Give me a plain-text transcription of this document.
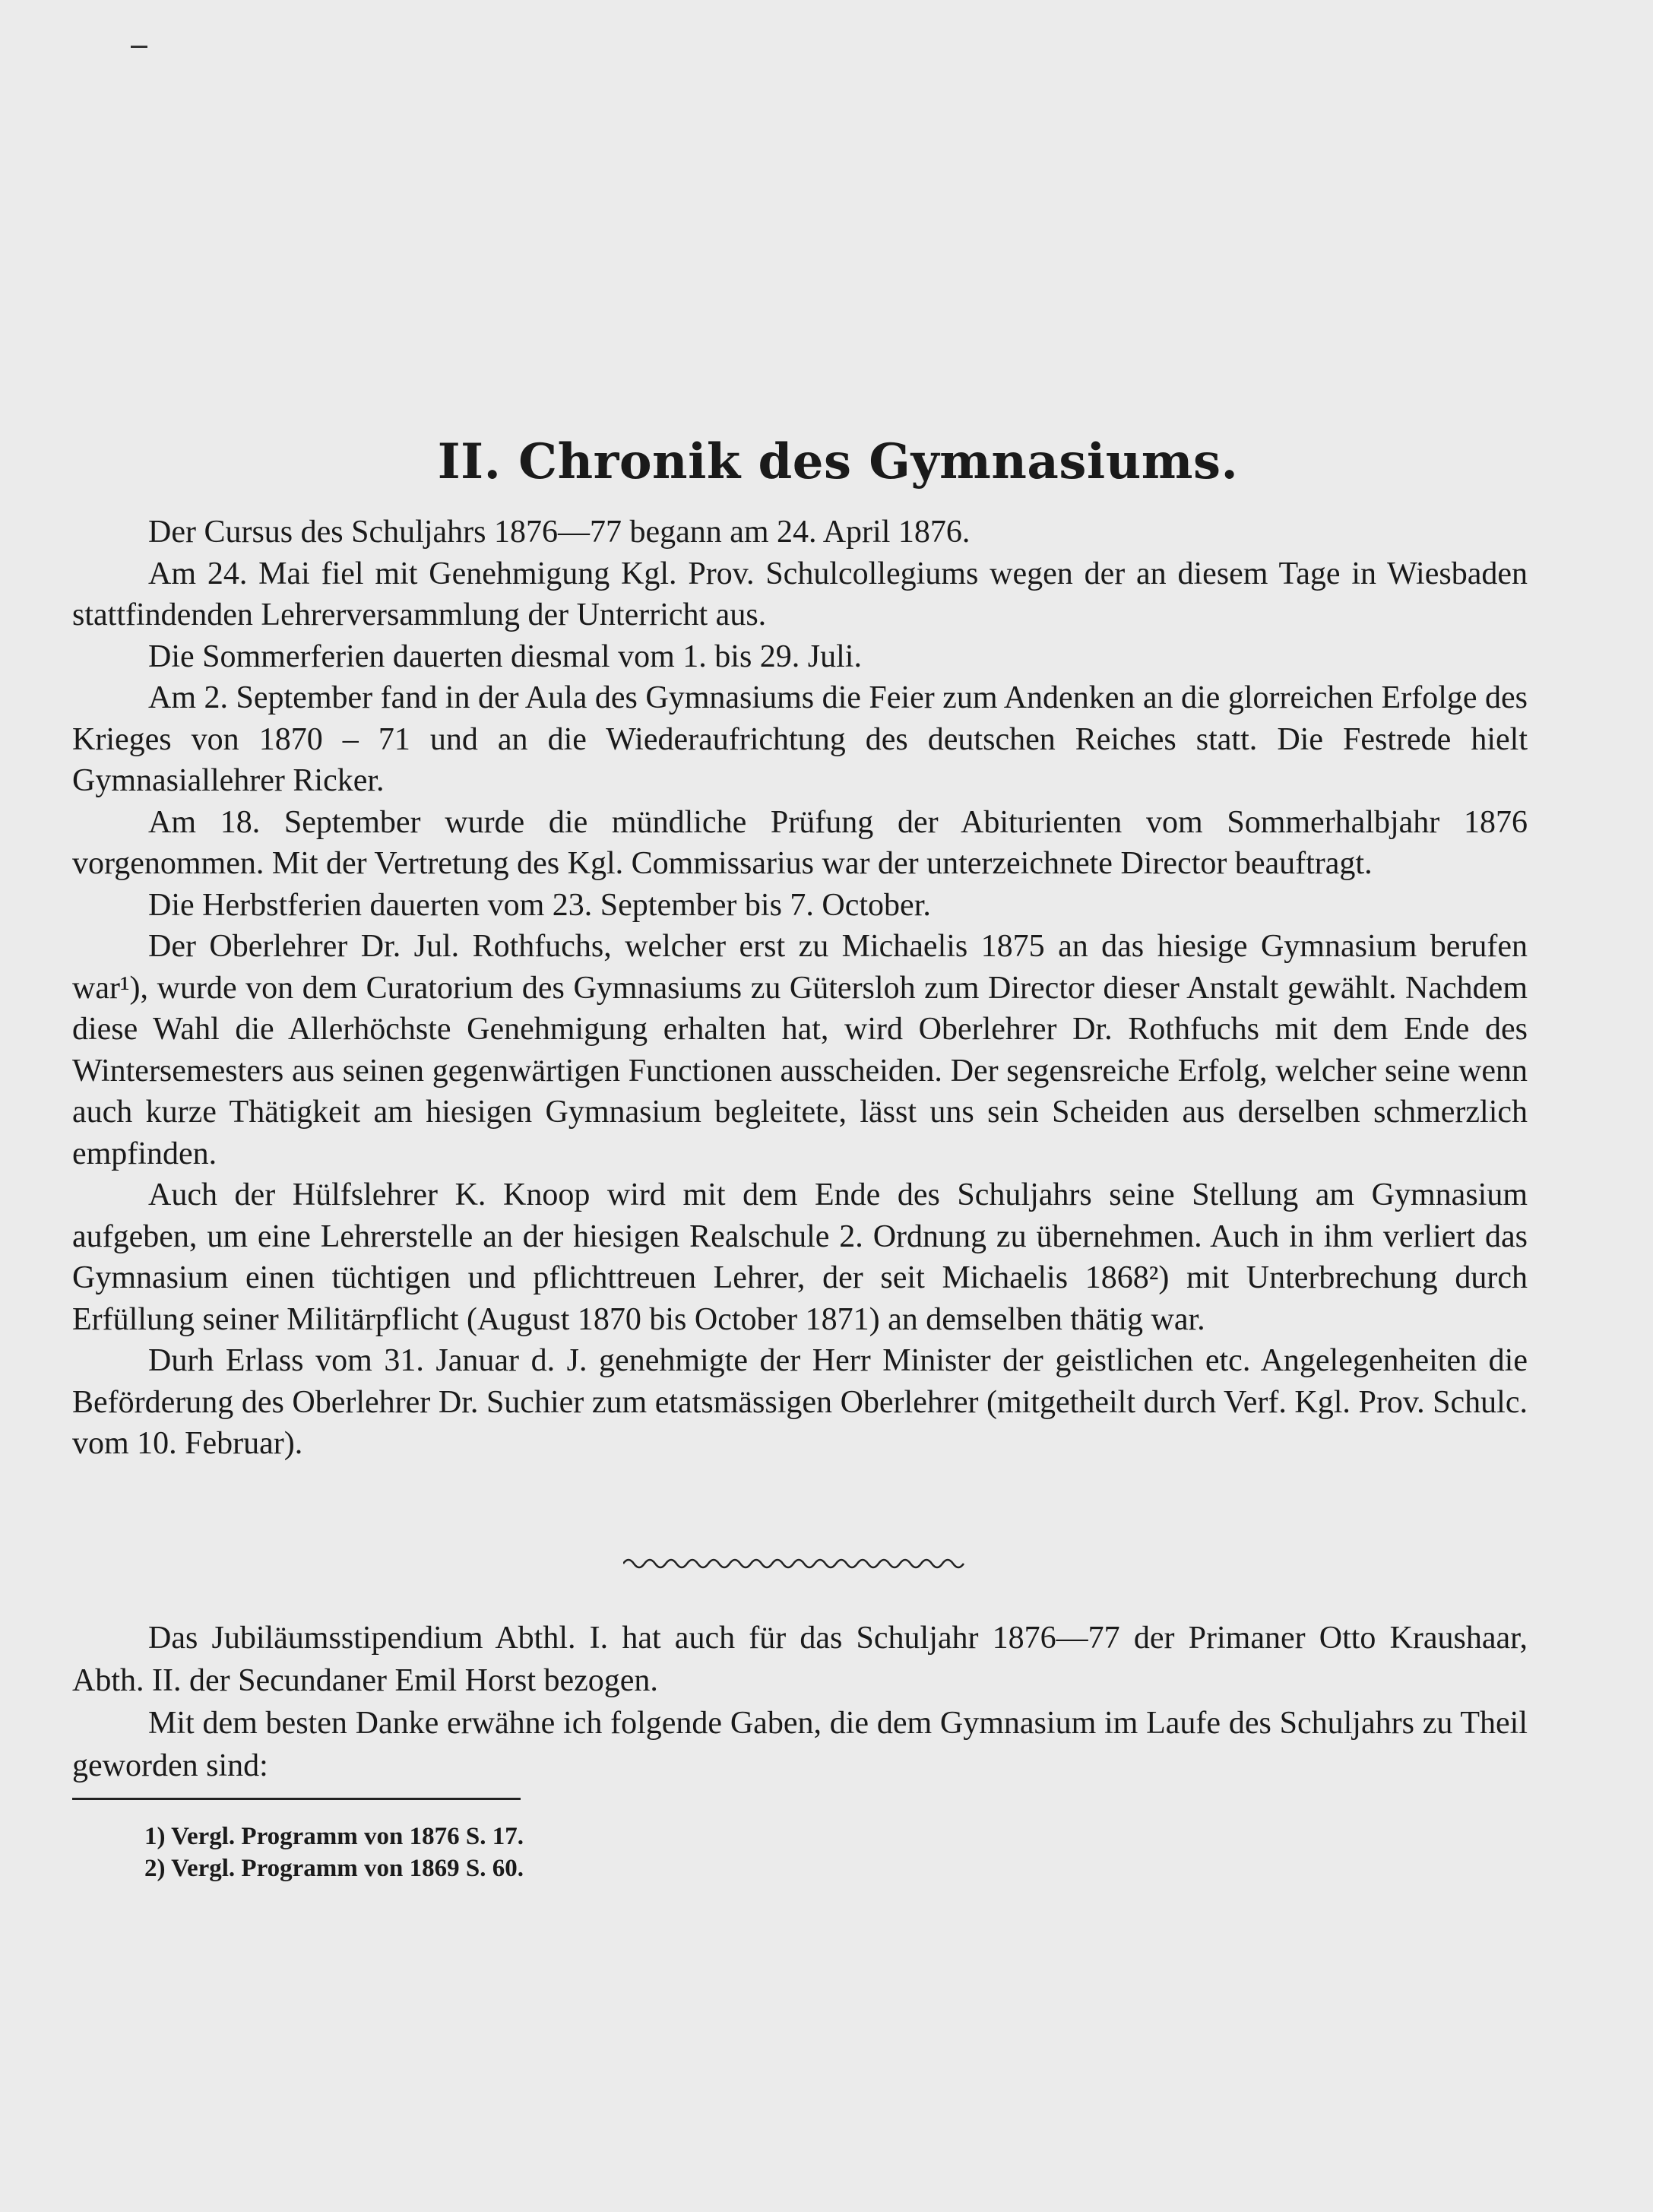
II. Chronik des Gymnasiums.

Der Cursus des Schuljahrs 1876—77 begann am 24. April 1876.

Am 24. Mai fiel mit Genehmigung Kgl. Prov. Schulcollegiums wegen der an diesem Tage in Wiesbaden stattfindenden Lehrerversammlung der Unterricht aus.

Die Sommerferien dauerten diesmal vom 1. bis 29. Juli.

Am 2. September fand in der Aula des Gymnasiums die Feier zum Andenken an die glorreichen Erfolge des Krieges von 1870 – 71 und an die Wiederaufrichtung des deutschen Reiches statt. Die Festrede hielt Gymnasiallehrer Ricker.

Am 18. September wurde die mündliche Prüfung der Abiturienten vom Sommerhalbjahr 1876 vorgenommen. Mit der Vertretung des Kgl. Commissarius war der unterzeichnete Director beauftragt.

Die Herbstferien dauerten vom 23. September bis 7. October.

Der Oberlehrer Dr. Jul. Rothfuchs, welcher erst zu Michaelis 1875 an das hiesige Gymnasium berufen war¹), wurde von dem Curatorium des Gymnasiums zu Gütersloh zum Director dieser Anstalt gewählt. Nachdem diese Wahl die Allerhöchste Genehmigung erhalten hat, wird Oberlehrer Dr. Rothfuchs mit dem Ende des Wintersemesters aus seinen gegenwärtigen Functionen ausscheiden. Der segensreiche Erfolg, welcher seine wenn auch kurze Thätigkeit am hiesigen Gymnasium begleitete, lässt uns sein Scheiden aus derselben schmerzlich empfinden.

Auch der Hülfslehrer K. Knoop wird mit dem Ende des Schuljahrs seine Stellung am Gymnasium aufgeben, um eine Lehrerstelle an der hiesigen Realschule 2. Ordnung zu übernehmen. Auch in ihm verliert das Gymnasium einen tüchtigen und pflichttreuen Lehrer, der seit Michaelis 1868²) mit Unterbrechung durch Erfüllung seiner Militärpflicht (August 1870 bis October 1871) an demselben thätig war.

Durh Erlass vom 31. Januar d. J. genehmigte der Herr Minister der geistlichen etc. Angelegenheiten die Beförderung des Oberlehrer Dr. Suchier zum etatsmässigen Oberlehrer (mitgetheilt durch Verf. Kgl. Prov. Schulc. vom 10. Februar).

Das Jubiläumsstipendium Abthl. I. hat auch für das Schuljahr 1876—77 der Primaner Otto Kraushaar, Abth. II. der Secundaner Emil Horst bezogen.

Mit dem besten Danke erwähne ich folgende Gaben, die dem Gymnasium im Laufe des Schuljahrs zu Theil geworden sind:

1) Vergl. Programm von 1876 S. 17.
2) Vergl. Programm von 1869 S. 60.
